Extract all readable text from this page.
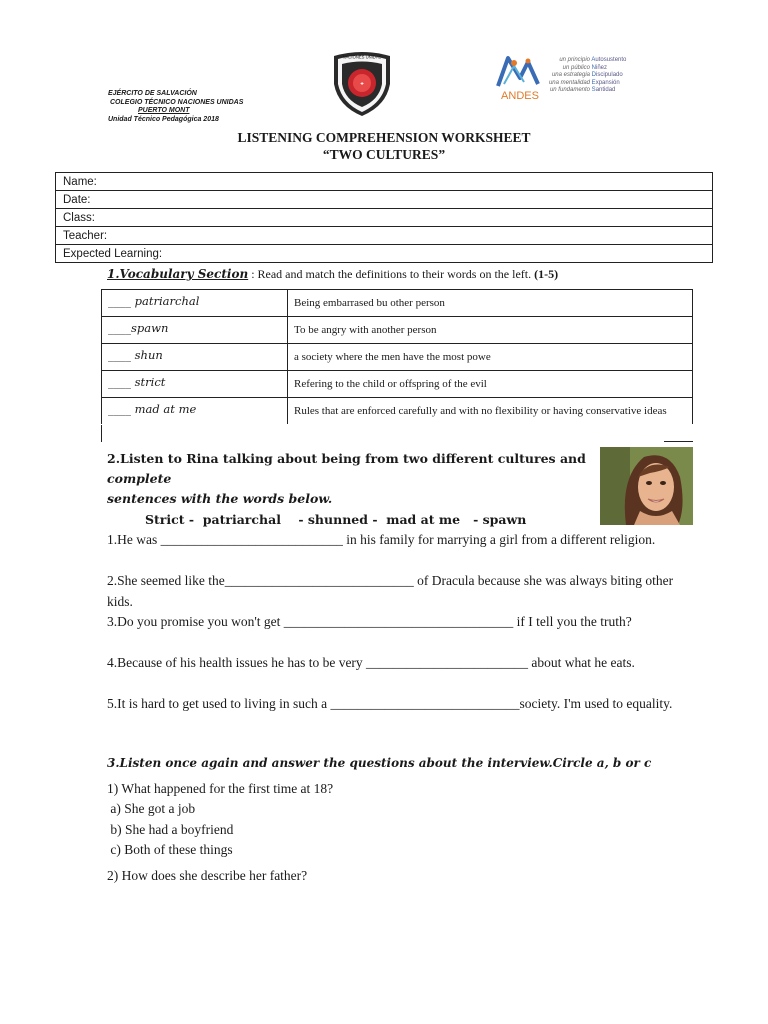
EJÉRCITO DE SALVACIÓN
COLEGIO TÉCNICO NACIONES UNIDAS
PUERTO MONT
Unidad Técnico Pedagógica 2018
✚
NACIONES UNIDAS
ANDES
un principio Autosustento
un público Niñez
una estrategia Discipulado
una mentalidad Expansión
un fundamento Santidad
LISTENING COMPREHENSION WORKSHEET
“TWO CULTURES”
Name:
Date:
Class:
Teacher:
Expected Learning:
1.Vocabulary Section : Read and match the definitions to their words on the left. (1-5)
____ patriarchal	Being embarrased bu other person
____spawn	To be angry with another person
____ shun	a society where the men have the most powe
____ strict	Refering to the child or offspring of the evil
____ mad at me	Rules that are enforced carefully and with no flexibility or having conservative ideas
2.Listen to Rina talking about being from two different cultures and complete
sentences with the words below.
Strict -  patriarchal    - shunned -  mad at me   - spawn
1.He was ___________________________ in his family for marrying a girl from a different religion.
2.She seemed like the____________________________ of Dracula because she was always biting other kids.
3.Do you promise you won't get __________________________________ if I tell you the truth?
4.Because of his health issues he has to be very ________________________ about what he eats.
5.It is hard to get used to living in such a ____________________________society. I'm used to equality.
3.Listen once again and answer the questions about the interview.Circle a, b or c
1) What happened for the first time at 18?
a) She got a job
b) She had a boyfriend
c) Both of these things
2) How does she describe her father?
